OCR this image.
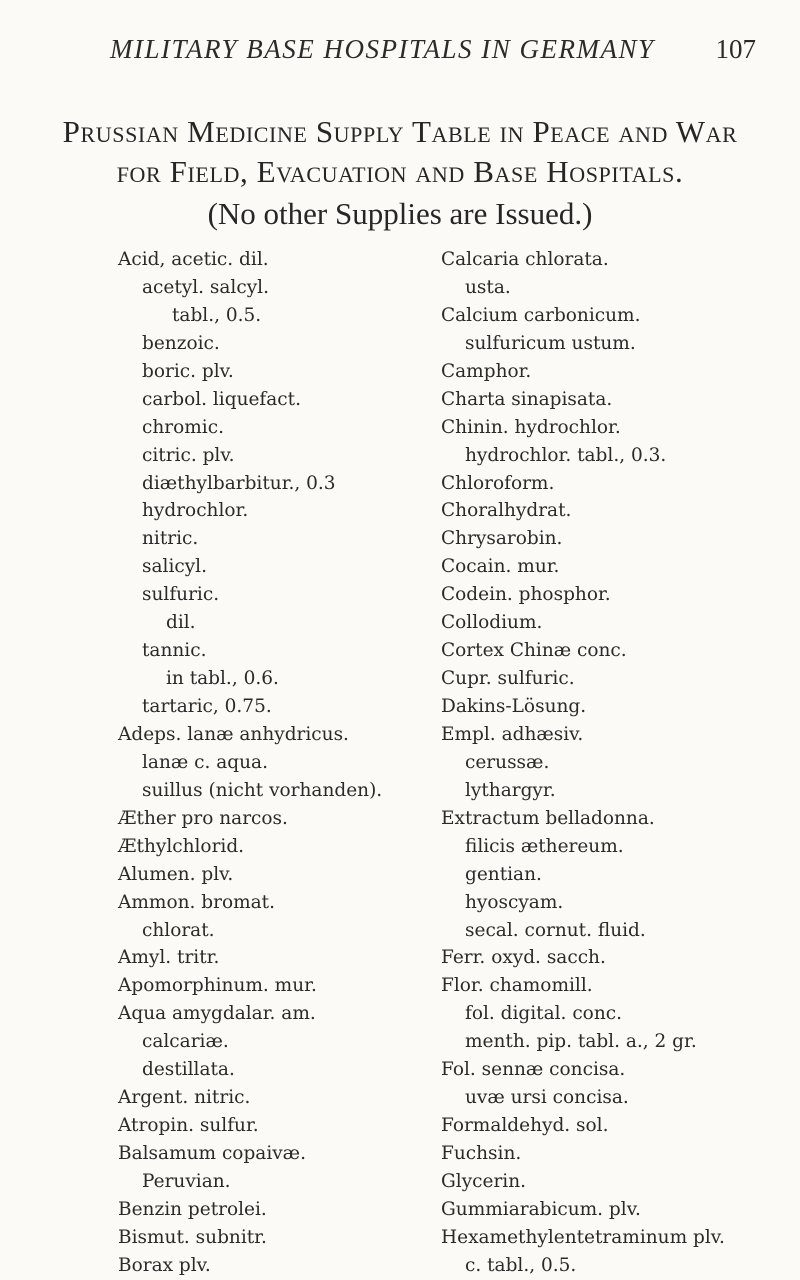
MILITARY BASE HOSPITALS IN GERMANY 107
Prussian Medicine Supply Table in Peace and War
for Field, Evacuation and Base Hospitals.
(No other Supplies are Issued.)
Acid, acetic. dil.
acetyl. salcyl.
tabl., 0.5.
benzoic.
boric. plv.
carbol. liquefact.
chromic.
citric. plv.
diæthylbarbitur., 0.3
hydrochlor.
nitric.
salicyl.
sulfuric.
dil.
tannic.
in tabl., 0.6.
tartaric, 0.75.
Adeps. lanæ anhydricus.
lanæ c. aqua.
suillus (nicht vorhanden).
Æther pro narcos.
Æthylchlorid.
Alumen. plv.
Ammon. bromat.
chlorat.
Amyl. tritr.
Apomorphinum. mur.
Aqua amygdalar. am.
calcariæ.
destillata.
Argent. nitric.
Atropin. sulfur.
Balsamum copaivæ.
Peruvian.
Benzin petrolei.
Bismut. subnitr.
Borax plv.
Calcaria chlorata.
usta.
Calcium carbonicum.
sulfuricum ustum.
Camphor.
Charta sinapisata.
Chinin. hydrochlor.
hydrochlor. tabl., 0.3.
Chloroform.
Choralhydrat.
Chrysarobin.
Cocain. mur.
Codein. phosphor.
Collodium.
Cortex Chinæ conc.
Cupr. sulfuric.
Dakins-Lösung.
Empl. adhæsiv.
cerussæ.
lythargyr.
Extractum belladonna.
filicis æthereum.
gentian.
hyoscyam.
secal. cornut. fluid.
Ferr. oxyd. sacch.
Flor. chamomill.
fol. digital. conc.
menth. pip. tabl. a., 2 gr.
Fol. sennæ concisa.
uvæ ursi concisa.
Formaldehyd. sol.
Fuchsin.
Glycerin.
Gummiarabicum. plv.
Hexamethylentetraminum plv.
c. tabl., 0.5.
